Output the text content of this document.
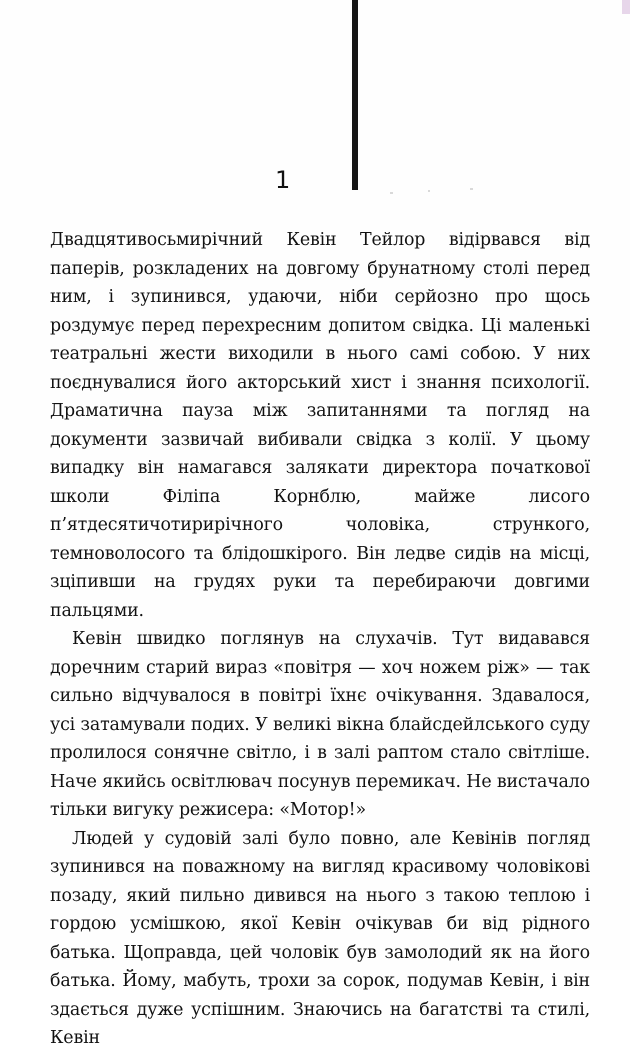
1

Двадцятивосьмирічний Кевін Тейлор відірвався від паперів, розкладених на довгому брунатному столі перед ним, і зупинився, удаючи, ніби серйозно про щось роздумує перед перехресним допитом свідка. Ці маленькі театральні жести виходили в нього самі собою. У них поєднувалися його акторський хист і знання психології. Драматична пауза між запитаннями та погляд на документи зазвичай вибивали свідка з колії. У цьому випадку він намагався залякати директора початкової школи Філіпа Корнблю, майже лисого п’ятдесятичотирирічного чоловіка, стрункого, темноволосого та блідошкірого. Він ледве сидів на місці, зціпивши на грудях руки та перебираючи довгими пальцями.

Кевін швидко поглянув на слухачів. Тут видавався доречним старий вираз «повітря — хоч ножем ріж» — так сильно відчувалося в повітрі їхнє очікування. Здавалося, усі затамували подих. У великі вікна блайсдейлського суду пролилося сонячне світло, і в залі раптом стало світліше. Наче якийсь освітлювач посунув перемикач. Не вистачало тільки вигуку режисера: «Мотор!»

Людей у судовій залі було повно, але Кевінів погляд зупинився на поважному на вигляд красивому чоловікові позаду, який пильно дивився на нього з такою теплою і гордою усмішкою, якої Кевін очікував би від рідного батька. Щоправда, цей чоловік був замолодий як на його батька. Йому, мабуть, трохи за сорок, подумав Кевін, і він здається дуже успішним. Знаючись на багатстві та стилі, Кевін
